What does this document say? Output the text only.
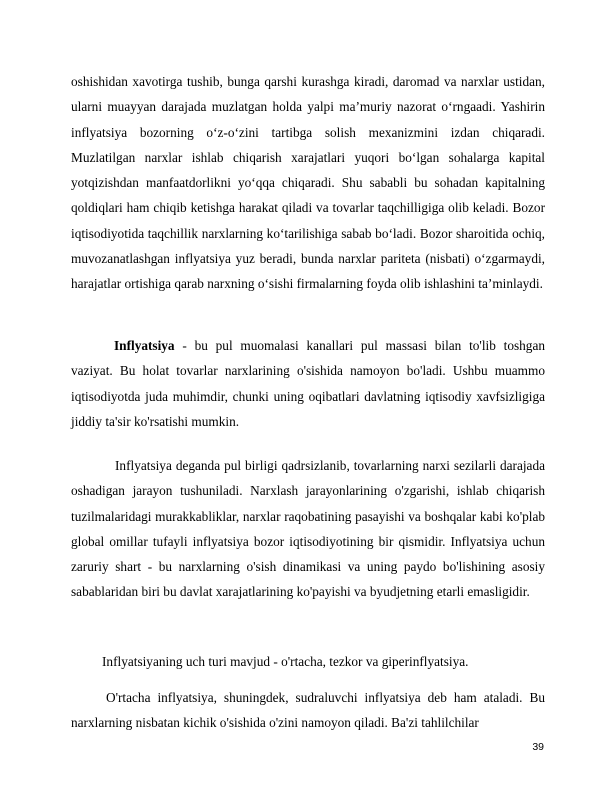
oshishidan xavotirga tushib, bunga qarshi kurashga kiradi, daromad va narxlar ustidan, ularni muayyan darajada muzlatgan holda yalpi maʼmuriy nazorat oʻrngaadi. Yashirin inflyatsiya bozorning oʻz-oʻzini tartibga solish mexanizmini izdan chiqaradi. Muzlatilgan narxlar ishlab chiqarish xarajatlari yuqori boʻlgan sohalarga kapital yotqizishdan manfaatdorlikni yoʻqqa chiqaradi. Shu sababli bu sohadan kapitalning qoldiqlari ham chiqib ketishga harakat qiladi va tovarlar taqchilligiga olib keladi. Bozor iqtisodiyotida taqchillik narxlarning koʻtarilishiga sabab boʻladi. Bozor sharoitida ochiq, muvozanatlashgan inflyatsiya yuz beradi, bunda narxlar pariteta (nisbati) oʻzgarmaydi, harajatlar ortishiga qarab narxning oʻsishi firmalarning foyda olib ishlashini taʼminlaydi.

Inflyatsiya - bu pul muomalasi kanallari pul massasi bilan to'lib toshgan vaziyat. Bu holat tovarlar narxlarining o'sishida namoyon bo'ladi. Ushbu muammo iqtisodiyotda juda muhimdir, chunki uning oqibatlari davlatning iqtisodiy xavfsizligiga jiddiy ta'sir ko'rsatishi mumkin.

Inflyatsiya deganda pul birligi qadrsizlanib, tovarlarning narxi sezilarli darajada oshadigan jarayon tushuniladi. Narxlash jarayonlarining o'zgarishi, ishlab chiqarish tuzilmalaridagi murakkabliklar, narxlar raqobatining pasayishi va boshqalar kabi ko'plab global omillar tufayli inflyatsiya bozor iqtisodiyotining bir qismidir. Inflyatsiya uchun zaruriy shart - bu narxlarning o'sish dinamikasi va uning paydo bo'lishining asosiy sabablaridan biri bu davlat xarajatlarining ko'payishi va byudjetning etarli emasligidir.

Inflyatsiyaning uch turi mavjud - o'rtacha, tezkor va giperinflyatsiya.

O'rtacha inflyatsiya, shuningdek, sudraluvchi inflyatsiya deb ham ataladi. Bu narxlarning nisbatan kichik o'sishida o'zini namoyon qiladi. Ba'zi tahlilchilar

39
